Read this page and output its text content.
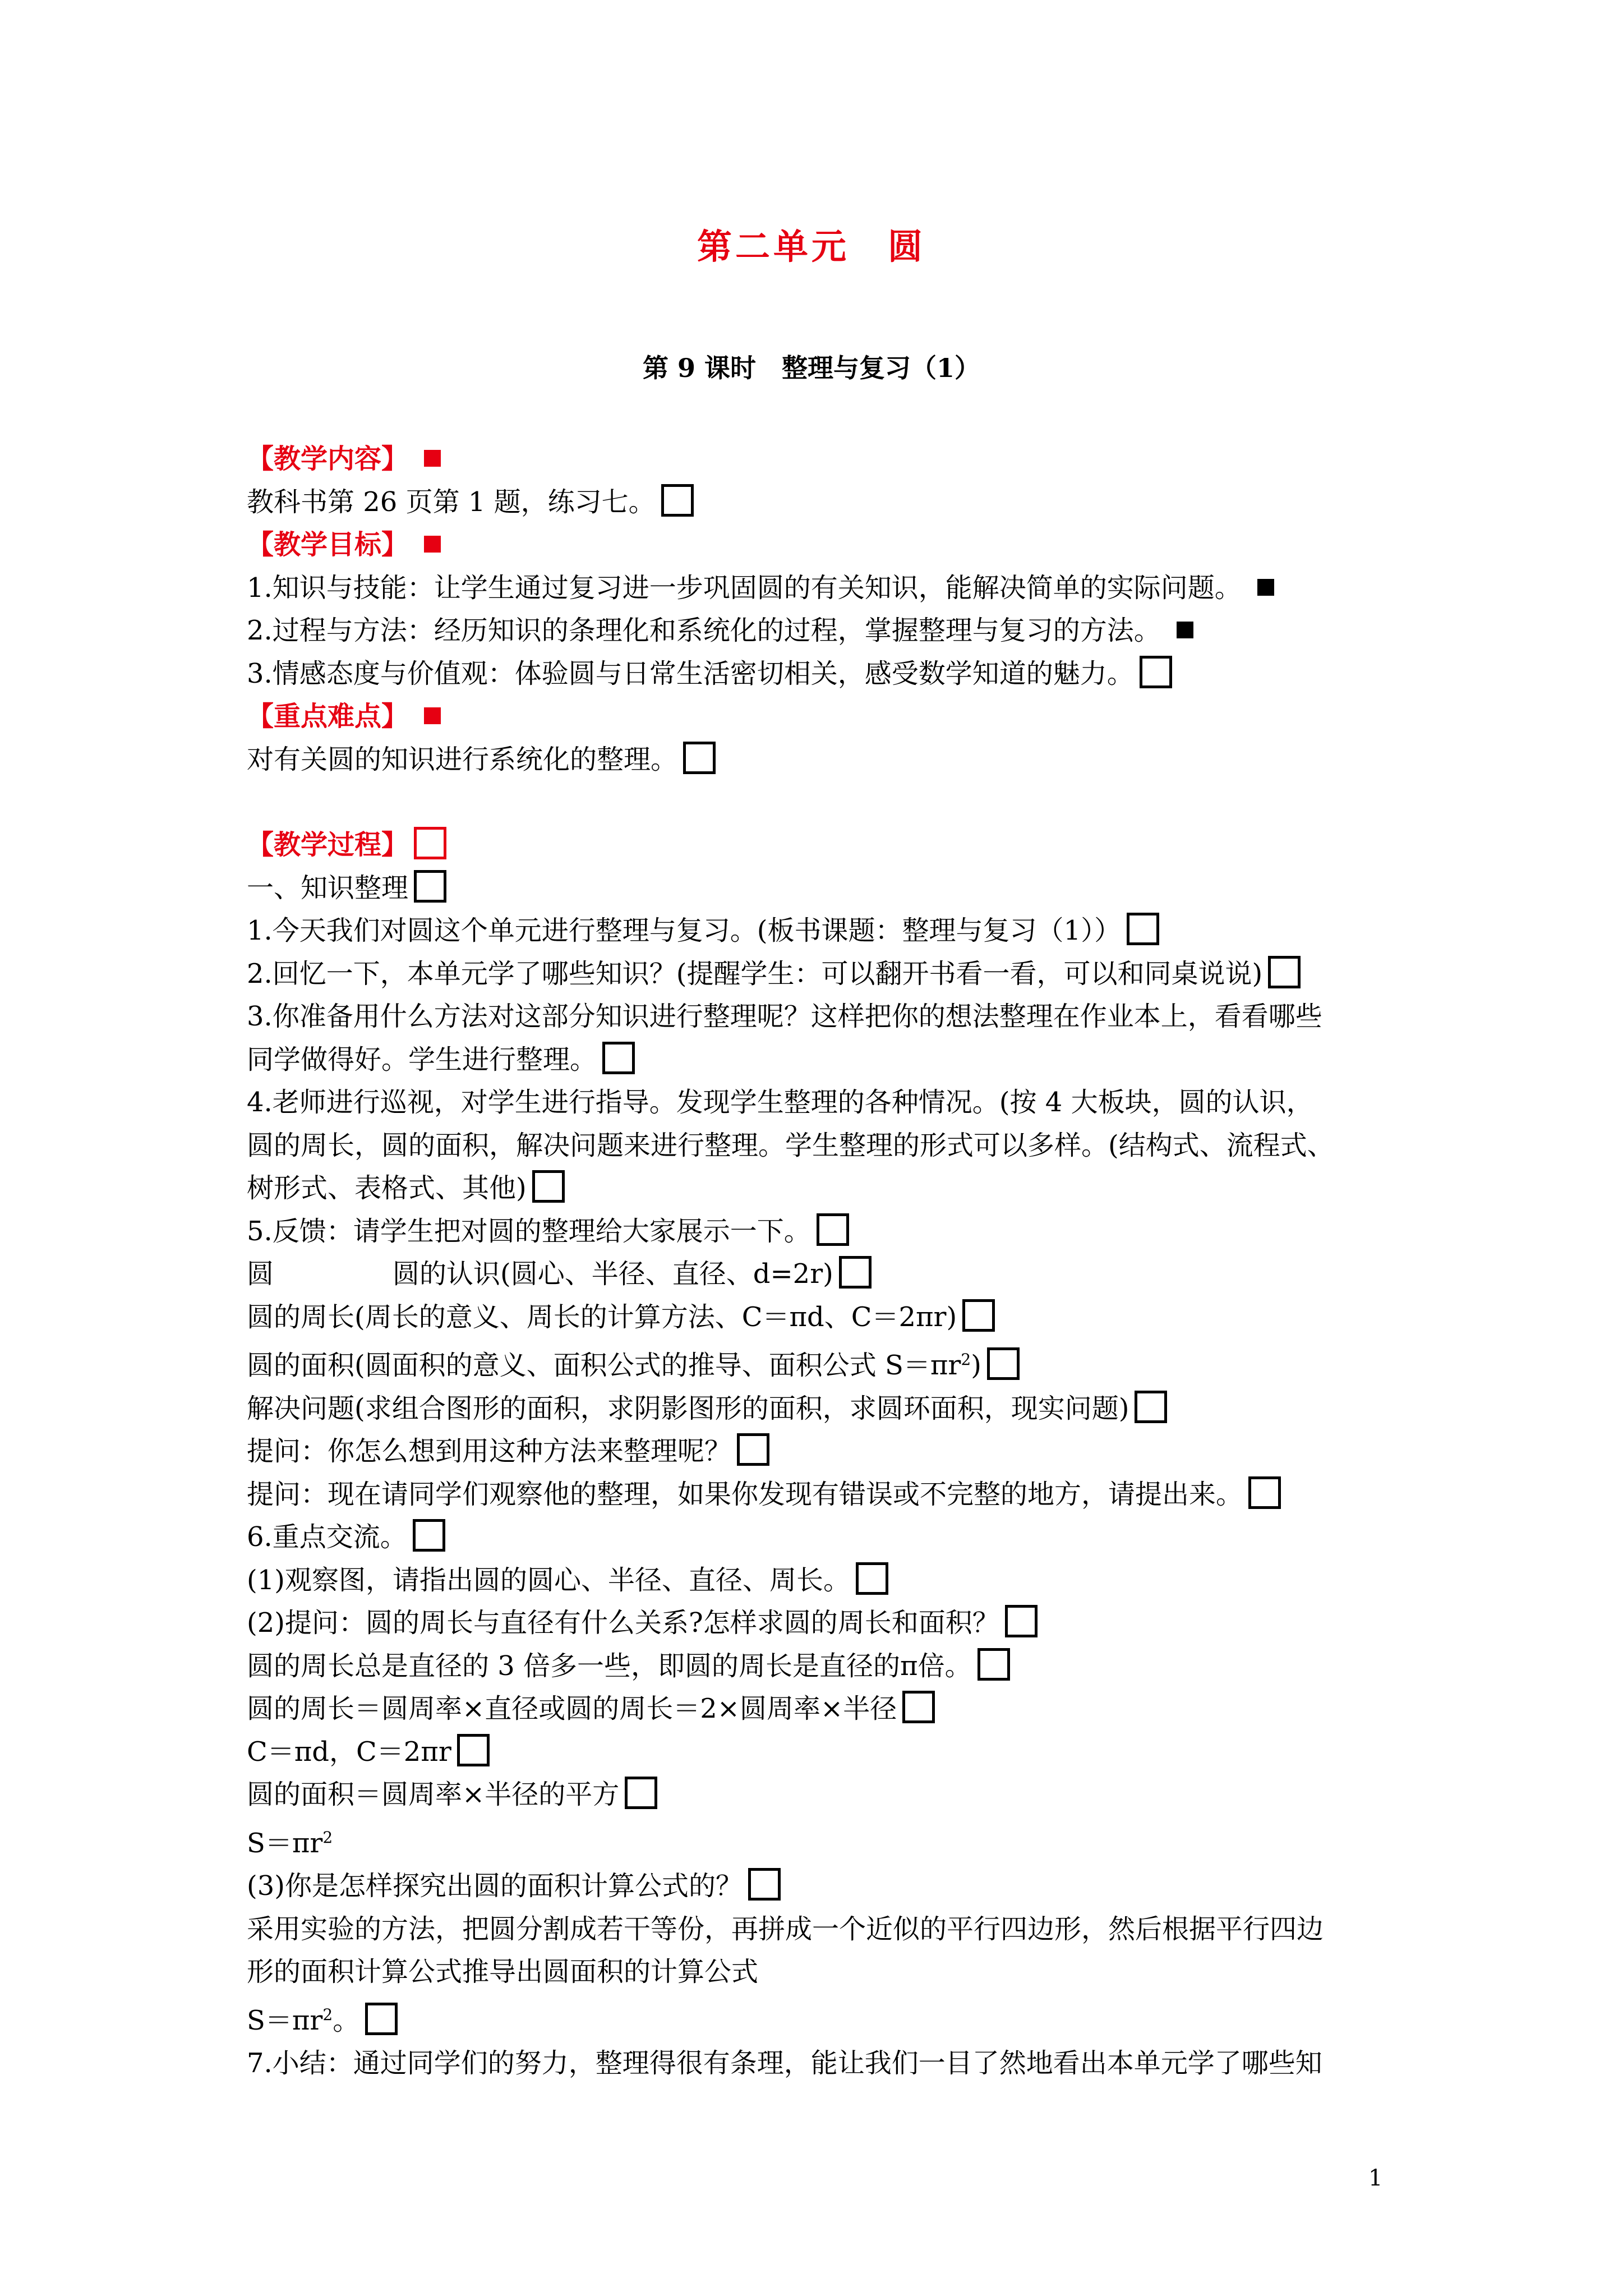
第二单元　圆
第 9 课时　整理与复习（1）
【教学内容】
教科书第 26 页第 1 题，练习七。
【教学目标】
1.知识与技能：让学生通过复习进一步巩固圆的有关知识，能解决简单的实际问题。
2.过程与方法：经历知识的条理化和系统化的过程，掌握整理与复习的方法。
3.情感态度与价值观：体验圆与日常生活密切相关，感受数学知道的魅力。
【重点难点】
对有关圆的知识进行系统化的整理。
【教学过程】
一、知识整理
1.今天我们对圆这个单元进行整理与复习。(板书课题：整理与复习（1））
2.回忆一下，本单元学了哪些知识？(提醒学生：可以翻开书看一看，可以和同桌说说)
3.你准备用什么方法对这部分知识进行整理呢？这样把你的想法整理在作业本上，看看哪些
同学做得好。学生进行整理。
4.老师进行巡视，对学生进行指导。发现学生整理的各种情况。(按 4 大板块，圆的认识，
圆的周长，圆的面积，解决问题来进行整理。学生整理的形式可以多样。(结构式、流程式、
树形式、表格式、其他)
5.反馈：请学生把对圆的整理给大家展示一下。
圆	圆的认识(圆心、半径、直径、d=2r)
圆的周长(周长的意义、周长的计算方法、C＝πd、C＝2πr)
圆的面积(圆面积的意义、面积公式的推导、面积公式 $S=\pi r^2$)
解决问题(求组合图形的面积，求阴影图形的面积，求圆环面积，现实问题)
提问：你怎么想到用这种方法来整理呢？
提问：现在请同学们观察他的整理，如果你发现有错误或不完整的地方，请提出来。
6.重点交流。
(1)观察图，请指出圆的圆心、半径、直径、周长。
(2)提问：圆的周长与直径有什么关系?怎样求圆的周长和面积？
圆的周长总是直径的 3 倍多一些，即圆的周长是直径的π倍。
圆的周长＝圆周率×直径或圆的周长＝2×圆周率×半径
C＝πd，C＝2πr
圆的面积＝圆周率×半径的平方
$S=\pi r^2$
(3)你是怎样探究出圆的面积计算公式的？
采用实验的方法，把圆分割成若干等份，再拼成一个近似的平行四边形，然后根据平行四边
形的面积计算公式推导出圆面积的计算公式
$S=\pi r^2$。
7.小结：通过同学们的努力，整理得很有条理，能让我们一目了然地看出本单元学了哪些知
1
